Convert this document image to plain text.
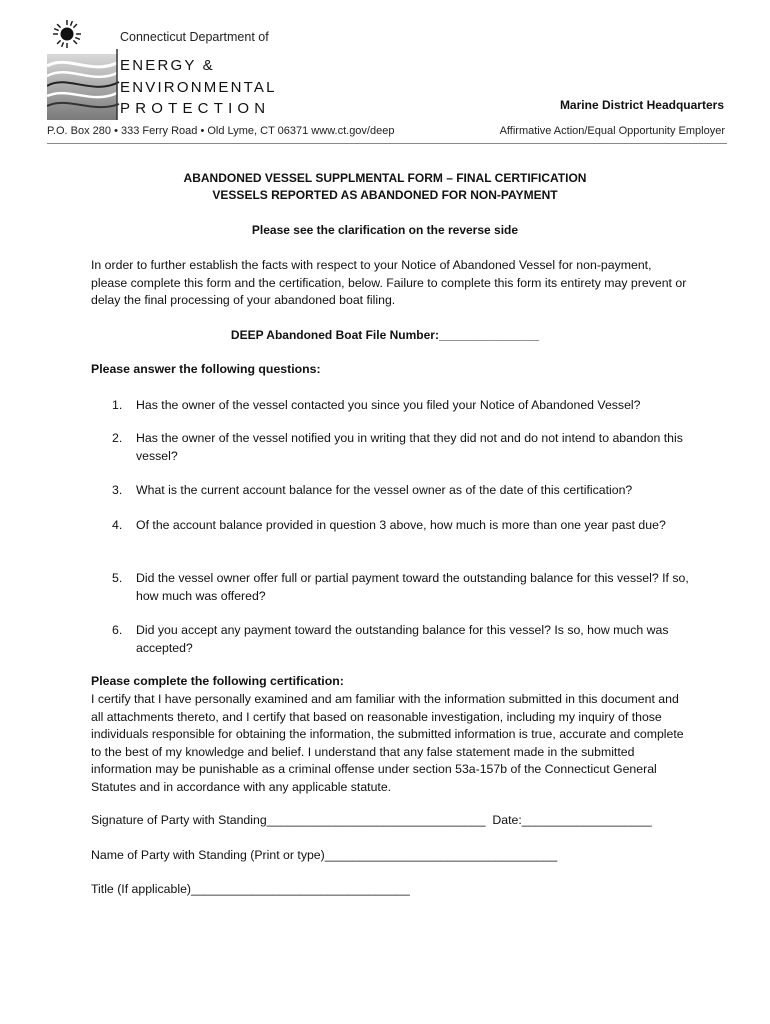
Connecticut Department of
ENERGY &
ENVIRONMENTAL
PROTECTION	Marine District Headquarters
P.O. Box 280 • 333 Ferry Road • Old Lyme, CT 06371 www.ct.gov/deep	Affirmative Action/Equal Opportunity Employer
ABANDONED VESSEL SUPPLMENTAL FORM – FINAL CERTIFICATION
VESSELS REPORTED AS ABANDONED FOR NON-PAYMENT
Please see the clarification on the reverse side
In order to further establish the facts with respect to your Notice of Abandoned Vessel for non-payment, please complete this form and the certification, below. Failure to complete this form its entirety may prevent or delay the final processing of your abandoned boat filing.
DEEP Abandoned Boat File Number:_______________
Please answer the following questions:
1.	Has the owner of the vessel contacted you since you filed your Notice of Abandoned Vessel?
2.	Has the owner of the vessel notified you in writing that they did not and do not intend to abandon this vessel?
3.	What is the current account balance for the vessel owner as of the date of this certification?
4.	Of the account balance provided in question 3 above, how much is more than one year past due?
5.	Did the vessel owner offer full or partial payment toward the outstanding balance for this vessel? If so, how much was offered?
6.	Did you accept any payment toward the outstanding balance for this vessel? Is so, how much was accepted?
Please complete the following certification:
I certify that I have personally examined and am familiar with the information submitted in this document and all attachments thereto, and I certify that based on reasonable investigation, including my inquiry of those individuals responsible for obtaining the information, the submitted information is true, accurate and complete to the best of my knowledge and belief. I understand that any false statement made in the submitted information may be punishable as a criminal offense under section 53a-157b of the Connecticut General Statutes and in accordance with any applicable statute.
Signature of Party with Standing________________________________  Date:___________________
Name of Party with Standing (Print or type)__________________________________
Title (If applicable)________________________________
